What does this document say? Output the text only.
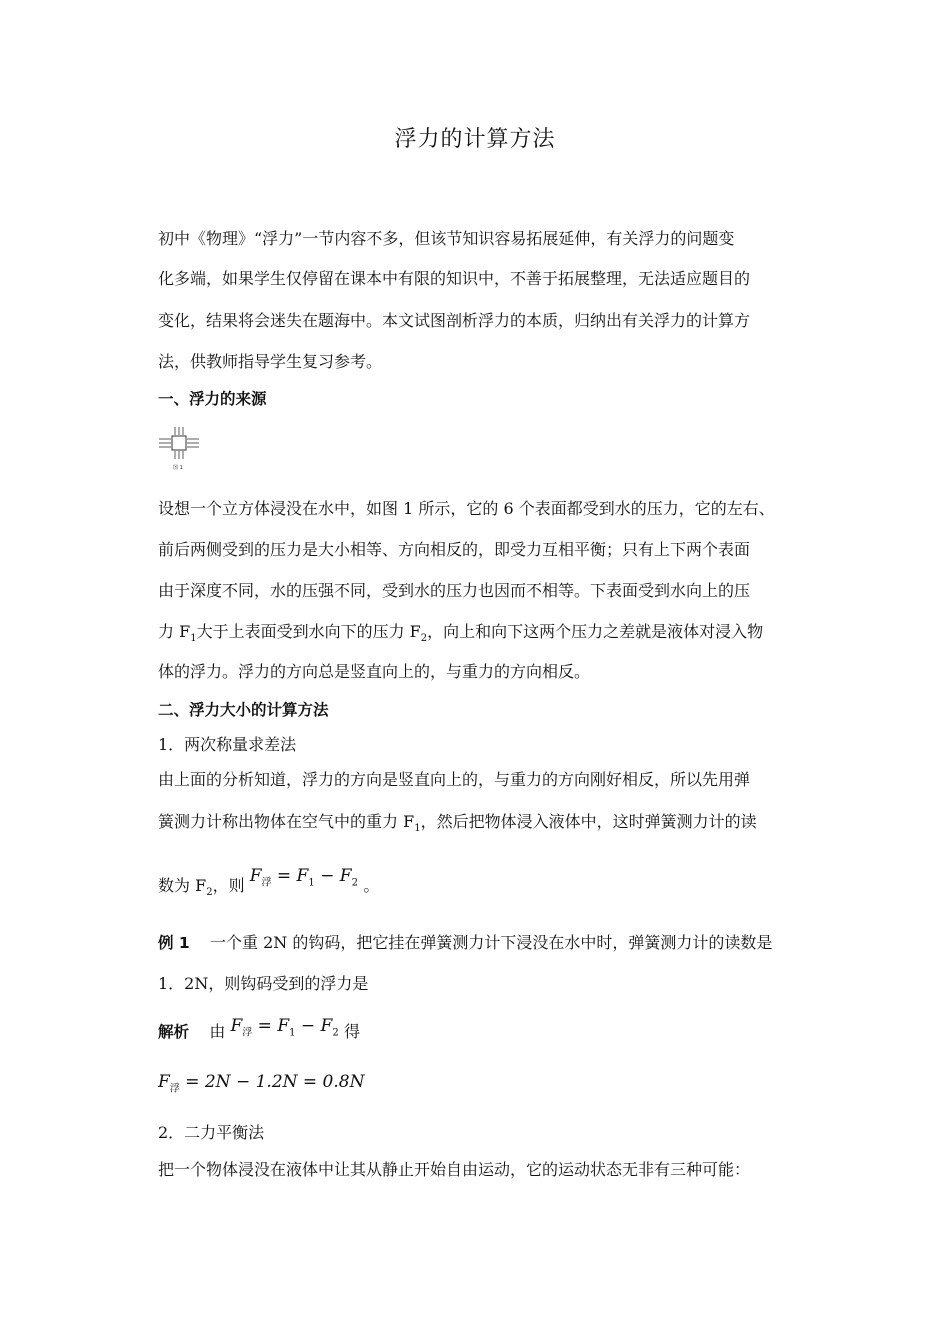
浮力的计算方法
初中《物理》“浮力”一节内容不多，但该节知识容易拓展延伸，有关浮力的问题变
化多端，如果学生仅停留在课本中有限的知识中，不善于拓展整理，无法适应题目的
变化，结果将会迷失在题海中。本文试图剖析浮力的本质，归纳出有关浮力的计算方
法，供教师指导学生复习参考。
一、浮力的来源
图 1
设想一个立方体浸没在水中，如图 1 所示，它的 6 个表面都受到水的压力，它的左右、
前后两侧受到的压力是大小相等、方向相反的，即受力互相平衡；只有上下两个表面
由于深度不同，水的压强不同，受到水的压力也因而不相等。下表面受到水向上的压
力 $F_1$大于上表面受到水向下的压力 $F_2$，向上和向下这两个压力之差就是液体对浸入物
体的浮力。浮力的方向总是竖直向上的，与重力的方向相反。
二、浮力大小的计算方法
1．两次称量求差法
由上面的分析知道，浮力的方向是竖直向上的，与重力的方向刚好相反，所以先用弹
簧测力计称出物体在空气中的重力 $F_1$，然后把物体浸入液体中，这时弹簧测力计的读
数为 $F_2$，则 $F_浮 = F_1 - F_2$ 。
例 1 一个重 2N 的钩码，把它挂在弹簧测力计下浸没在水中时，弹簧测力计的读数是
1．2N，则钩码受到的浮力是
解析 由 $F_浮 = F_1 - F_2$ 得
$F_浮 = 2N - 1.2N = 0.8N$
2．二力平衡法
把一个物体浸没在液体中让其从静止开始自由运动，它的运动状态无非有三种可能：
